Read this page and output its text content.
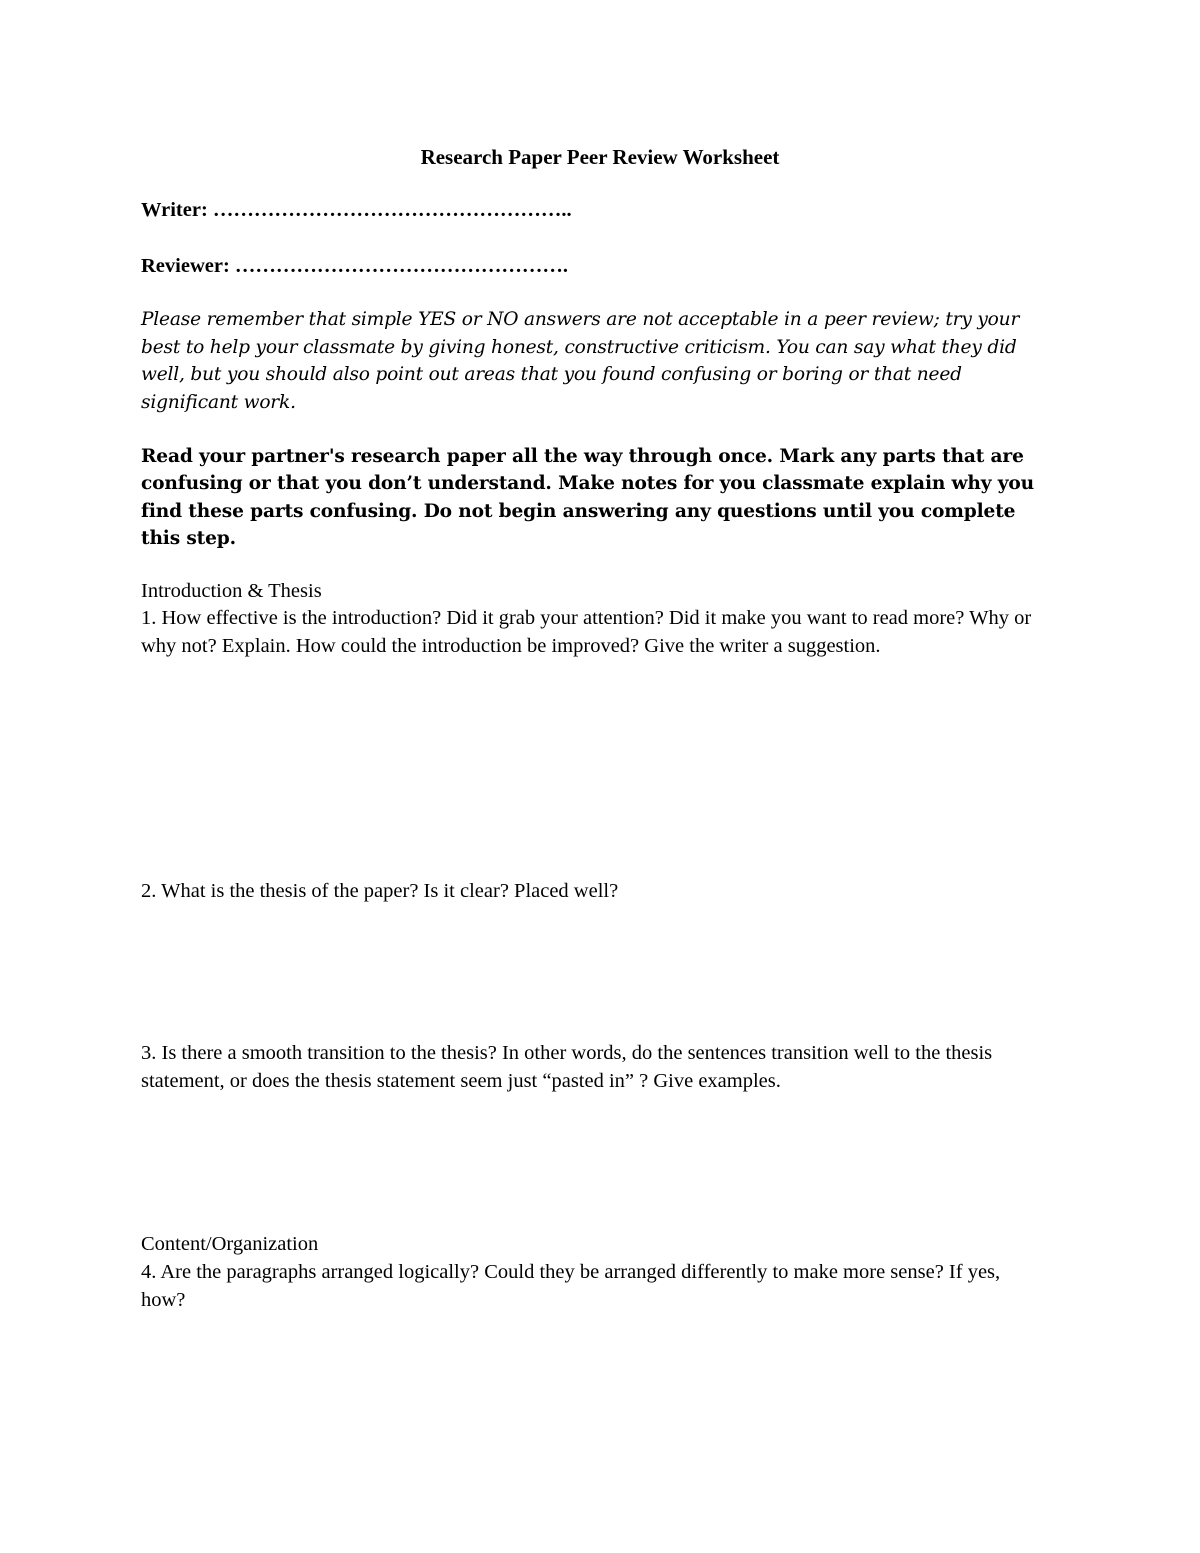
Research Paper Peer Review Worksheet
Writer: ……………………………………………..
Reviewer: ………………………………………….

Please remember that simple YES or NO answers are not acceptable in a peer review; try your best to help your classmate by giving honest, constructive criticism. You can say what they did well, but you should also point out areas that you found confusing or boring or that need significant work.

Read your partner's research paper all the way through once. Mark any parts that are confusing or that you don’t understand. Make notes for you classmate explain why you find these parts confusing. Do not begin answering any questions until you complete this step.

Introduction & Thesis

1. How effective is the introduction? Did it grab your attention? Did it make you want to read more? Why or why not? Explain. How could the introduction be improved? Give the writer a suggestion.

2. What is the thesis of the paper? Is it clear? Placed well?

3. Is there a smooth transition to the thesis? In other words, do the sentences transition well to the thesis statement, or does the thesis statement seem just “pasted in” ? Give examples.

Content/Organization

4. Are the paragraphs arranged logically? Could they be arranged differently to make more sense? If yes, how?
